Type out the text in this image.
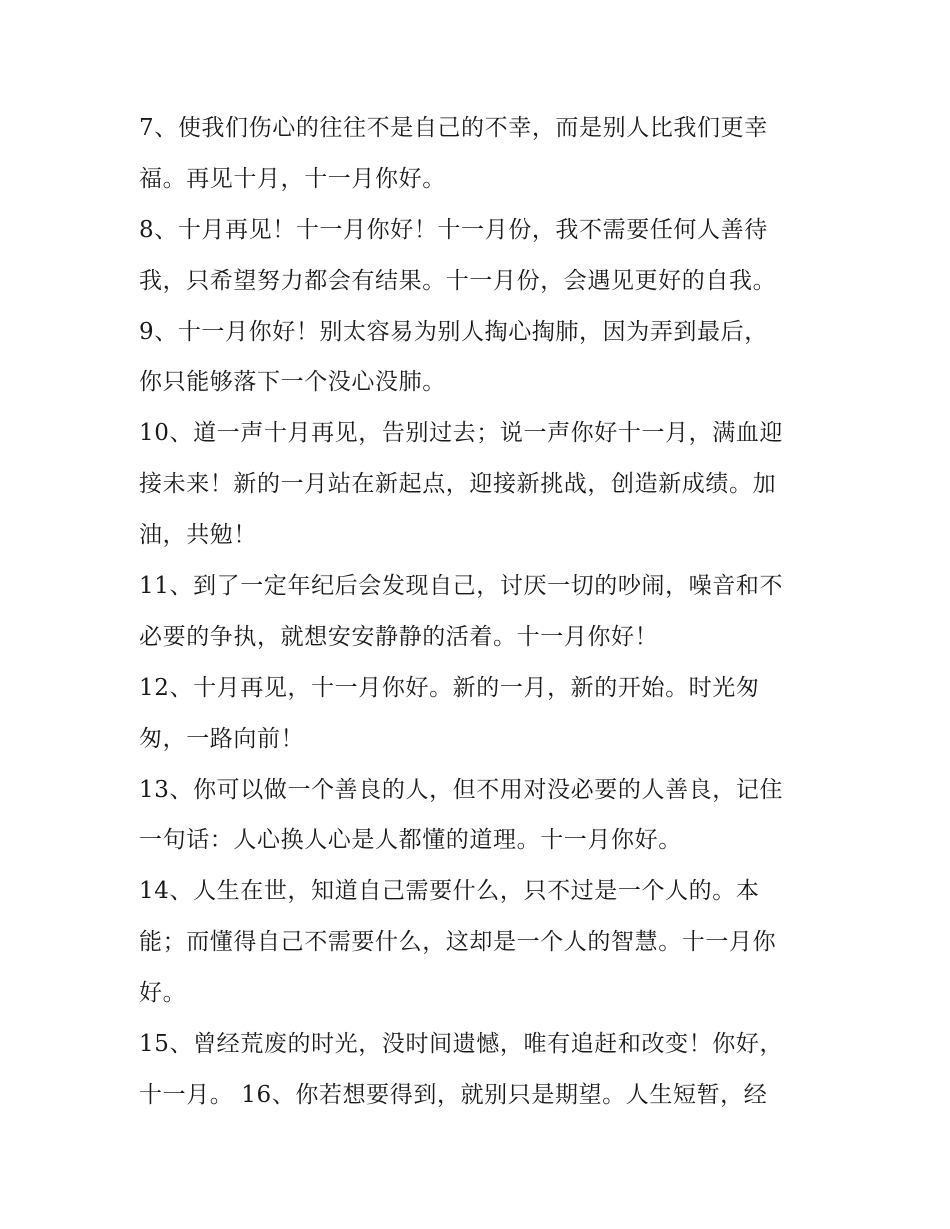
7、使我们伤心的往往不是自己的不幸，而是别人比我们更幸
福。再见十月，十一月你好。
8、十月再见！十一月你好！十一月份，我不需要任何人善待
我，只希望努力都会有结果。十一月份，会遇见更好的自我。
9、十一月你好！别太容易为别人掏心掏肺，因为弄到最后，
你只能够落下一个没心没肺。
10、道一声十月再见，告别过去；说一声你好十一月，满血迎
接未来！新的一月站在新起点，迎接新挑战，创造新成绩。加
油，共勉！
11、到了一定年纪后会发现自己，讨厌一切的吵闹，噪音和不
必要的争执，就想安安静静的活着。十一月你好！
12、十月再见，十一月你好。新的一月，新的开始。时光匆
匆，一路向前！
13、你可以做一个善良的人，但不用对没必要的人善良，记住
一句话：人心换人心是人都懂的道理。十一月你好。
14、人生在世，知道自己需要什么，只不过是一个人的。本
能；而懂得自己不需要什么，这却是一个人的智慧。十一月你
好。
15、曾经荒废的时光，没时间遗憾，唯有追赶和改变！你好，
十一月。 16、你若想要得到，就别只是期望。人生短暂，经
